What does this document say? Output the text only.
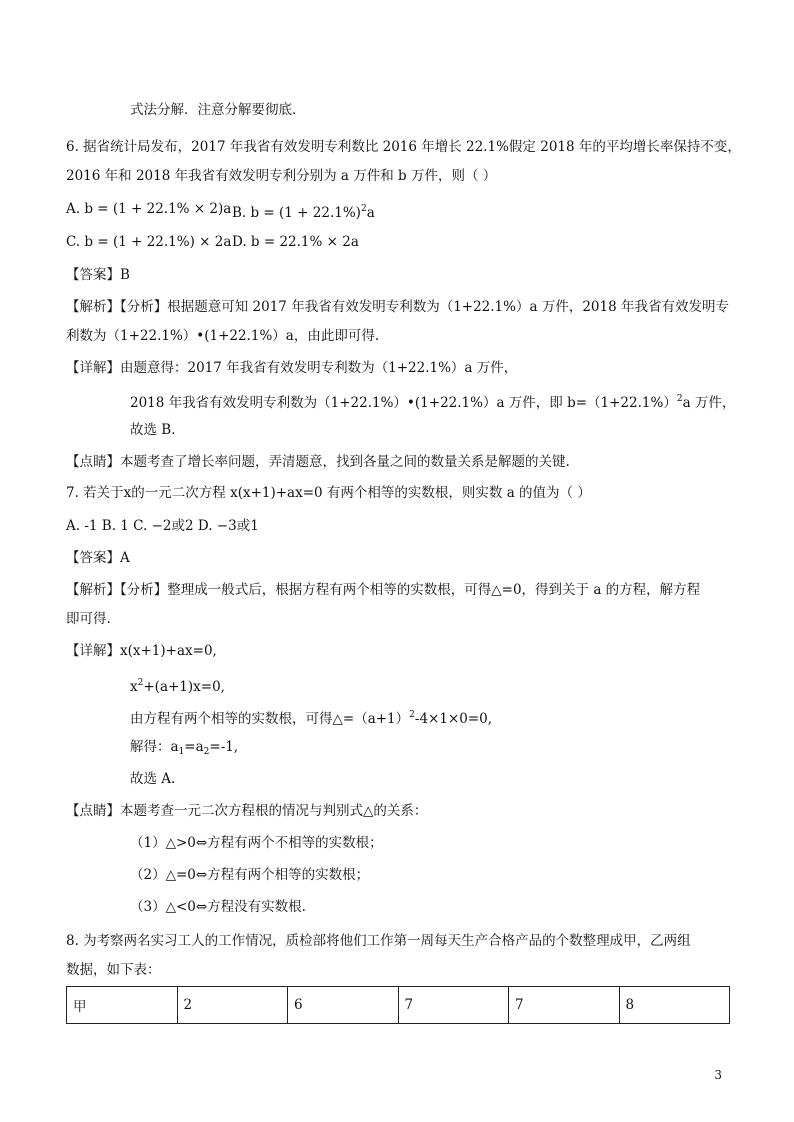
式法分解．注意分解要彻底．
6. 据省统计局发布，2017 年我省有效发明专利数比 2016 年增长 22.1%假定 2018 年的平均增长率保持不变，
2016 年和 2018 年我省有效发明专利分别为 a 万件和 b 万件，则（ ）
A. b = (1 + 22.1% × 2)a B. $b = (1 + 22.1\%)^2a$
C. b = (1 + 22.1%) × 2a D. b = 22.1% × 2a
【答案】B
【解析】【分析】根据题意可知 2017 年我省有效发明专利数为（1+22.1%）a 万件，2018 年我省有效发明专
利数为（1+22.1%）•(1+22.1%）a，由此即可得.
【详解】由题意得：2017 年我省有效发明专利数为（1+22.1%）a 万件，
2018 年我省有效发明专利数为（1+22.1%）•(1+22.1%）a 万件，即 $b=(1+22.1\%)^2a$ 万件，
故选 B.
【点睛】本题考查了增长率问题，弄清题意，找到各量之间的数量关系是解题的关键.
7. 若关于x的一元二次方程 x(x+1)+ax=0 有两个相等的实数根，则实数 a 的值为（ ）
A. -1 B. 1 C. −2或2 D. −3或1
【答案】A
【解析】【分析】整理成一般式后，根据方程有两个相等的实数根，可得△=0，得到关于 a 的方程，解方程
即可得.
【详解】x(x+1)+ax=0,
$x^2+(a+1)x=0$,
由方程有两个相等的实数根，可得$\triangle=(a+1)^2-4\times 1\times 0=0$,
解得：$a_1=a_2=-1$,
故选 A.
【点睛】本题考查一元二次方程根的情况与判别式△的关系：
（1）△>0⇔方程有两个不相等的实数根；
（2）△=0⇔方程有两个相等的实数根；
（3）△<0⇔方程没有实数根.
8. 为考察两名实习工人的工作情况，质检部将他们工作第一周每天生产合格产品的个数整理成甲，乙两组
数据，如下表：
甲	2	6	7	7	8
3
